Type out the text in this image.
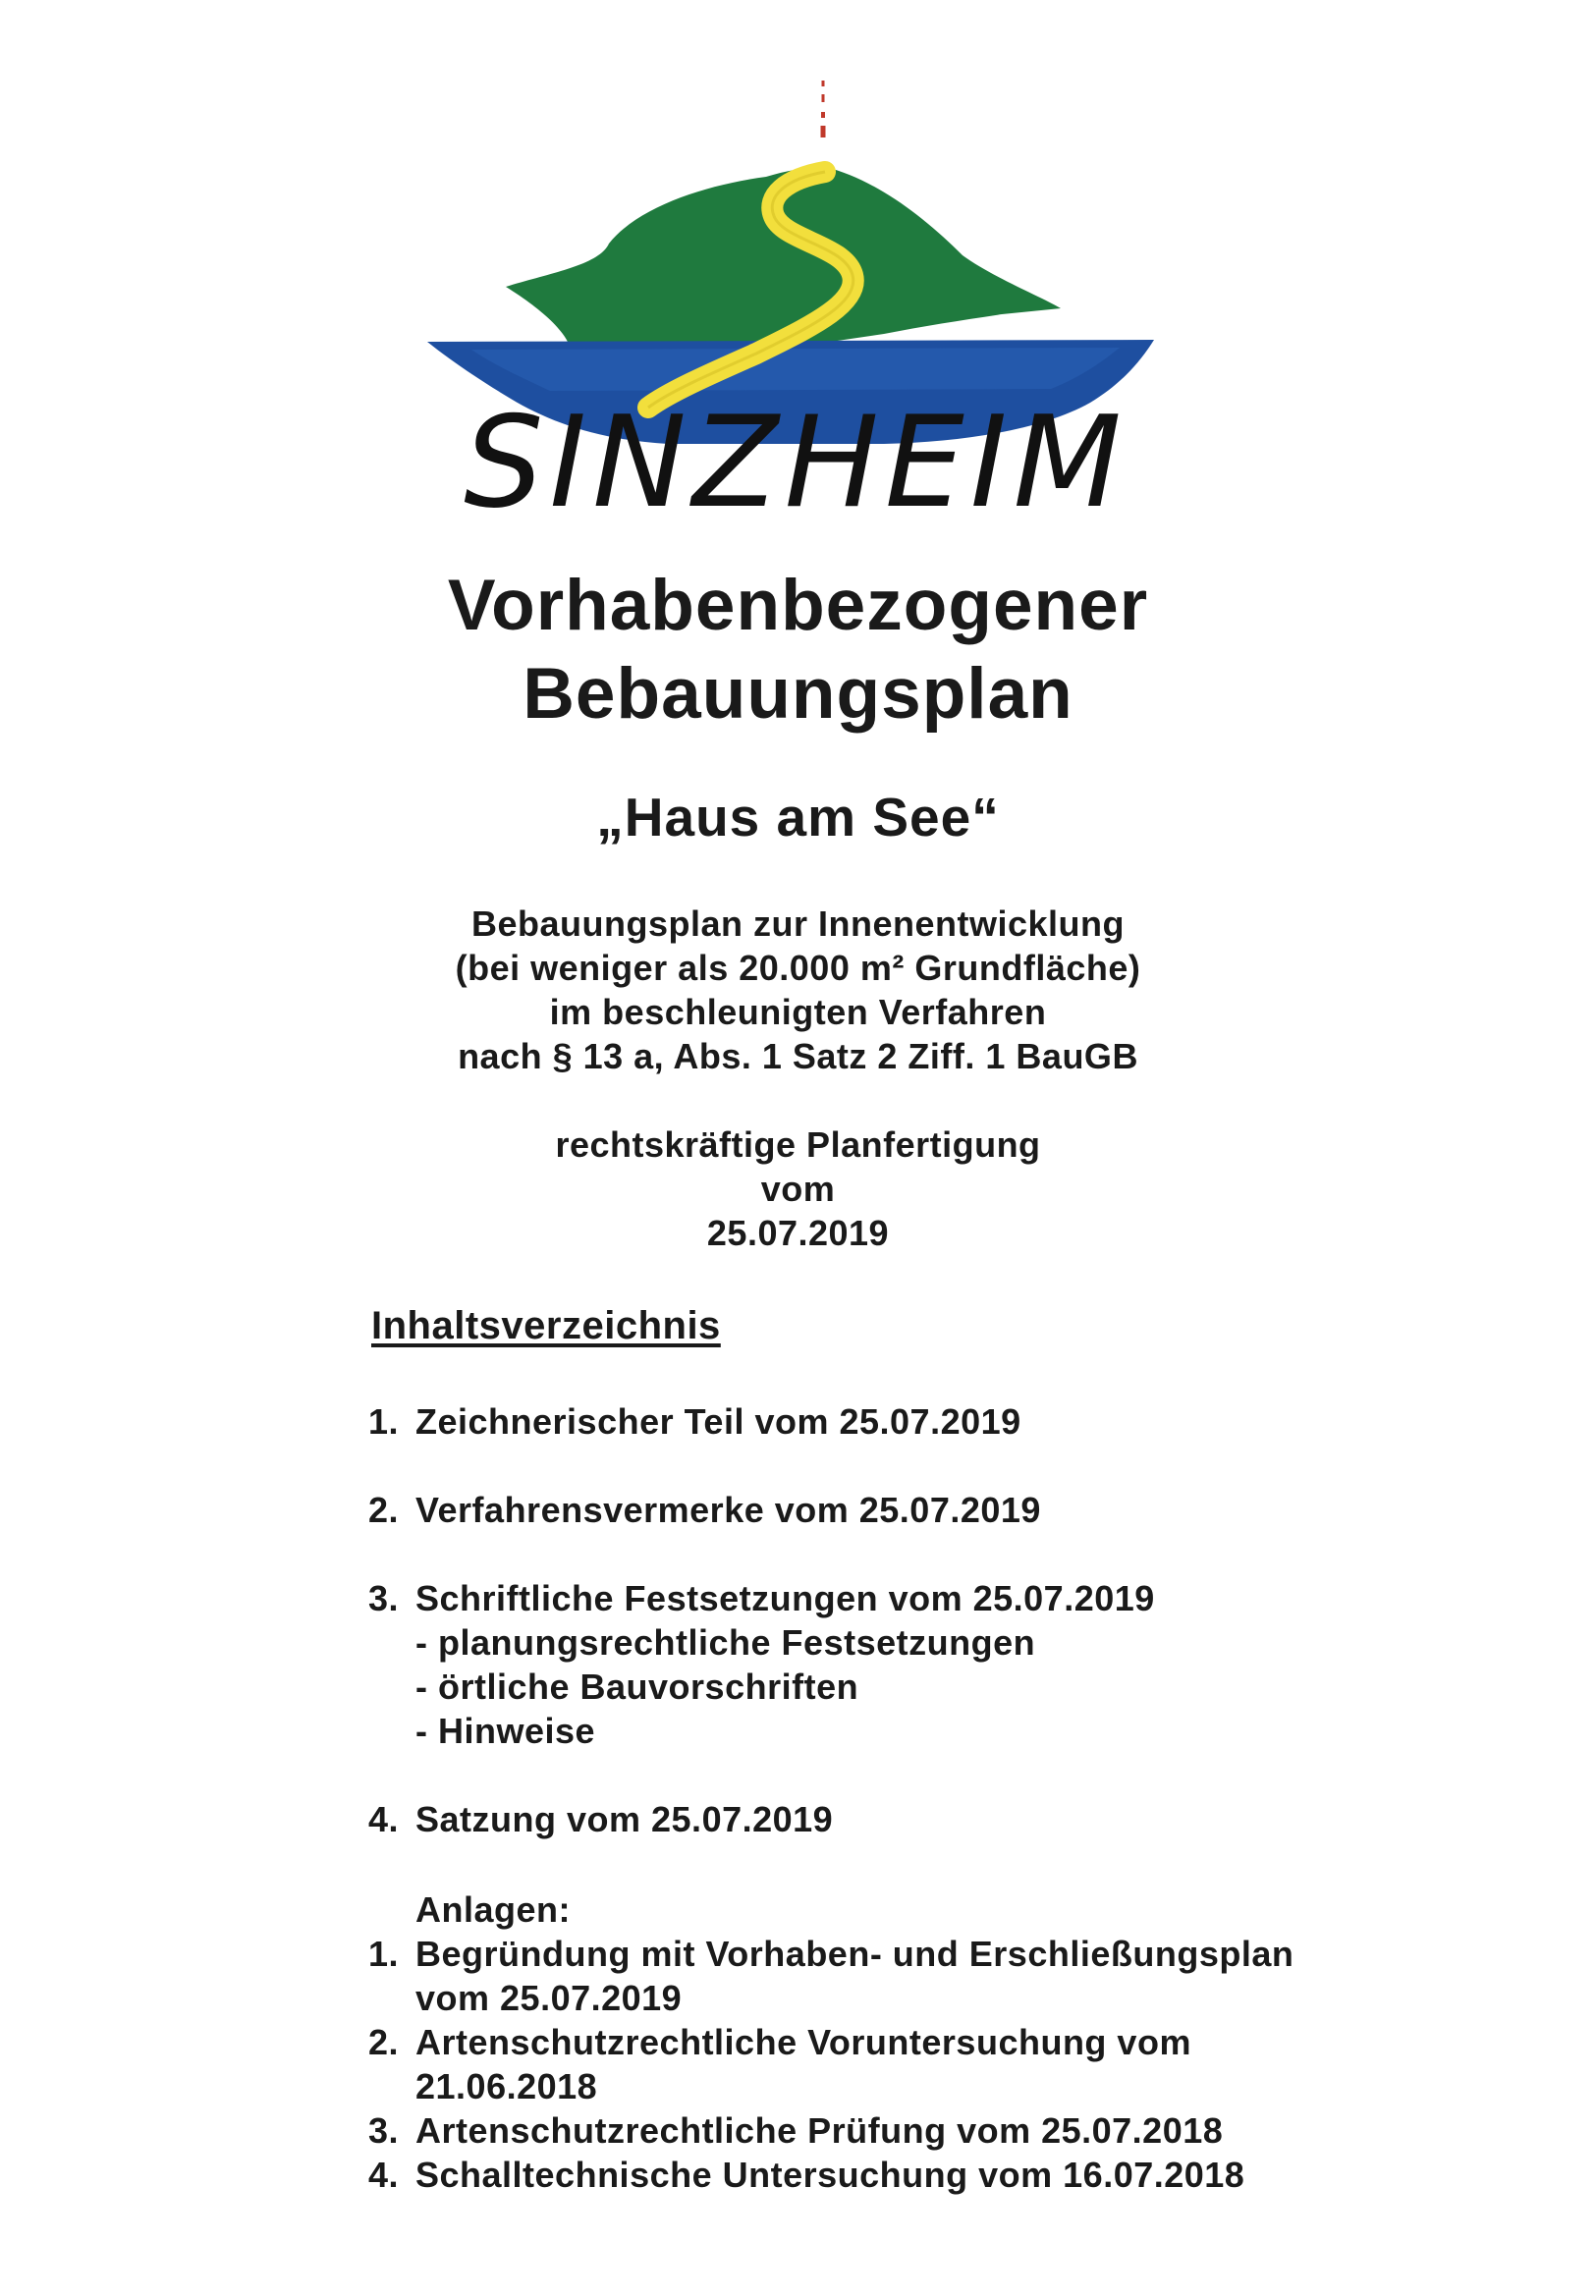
SINZHEIM
Vorhabenbezogener
Bebauungsplan
„Haus am See“
Bebauungsplan zur Innenentwicklung
(bei weniger als 20.000 m² Grundfläche)
im beschleunigten Verfahren
nach § 13 a, Abs. 1 Satz 2 Ziff. 1 BauGB
rechtskräftige Planfertigung
vom
25.07.2019
Inhaltsverzeichnis
1. Zeichnerischer Teil vom 25.07.2019
2. Verfahrensvermerke vom 25.07.2019
3. Schriftliche Festsetzungen vom 25.07.2019
- planungsrechtliche Festsetzungen
- örtliche Bauvorschriften
- Hinweise
4. Satzung vom 25.07.2019
Anlagen:
1. Begründung mit Vorhaben- und Erschließungsplan vom 25.07.2019
2. Artenschutzrechtliche Voruntersuchung vom 21.06.2018
3. Artenschutzrechtliche Prüfung vom 25.07.2018
4. Schalltechnische Untersuchung vom 16.07.2018
